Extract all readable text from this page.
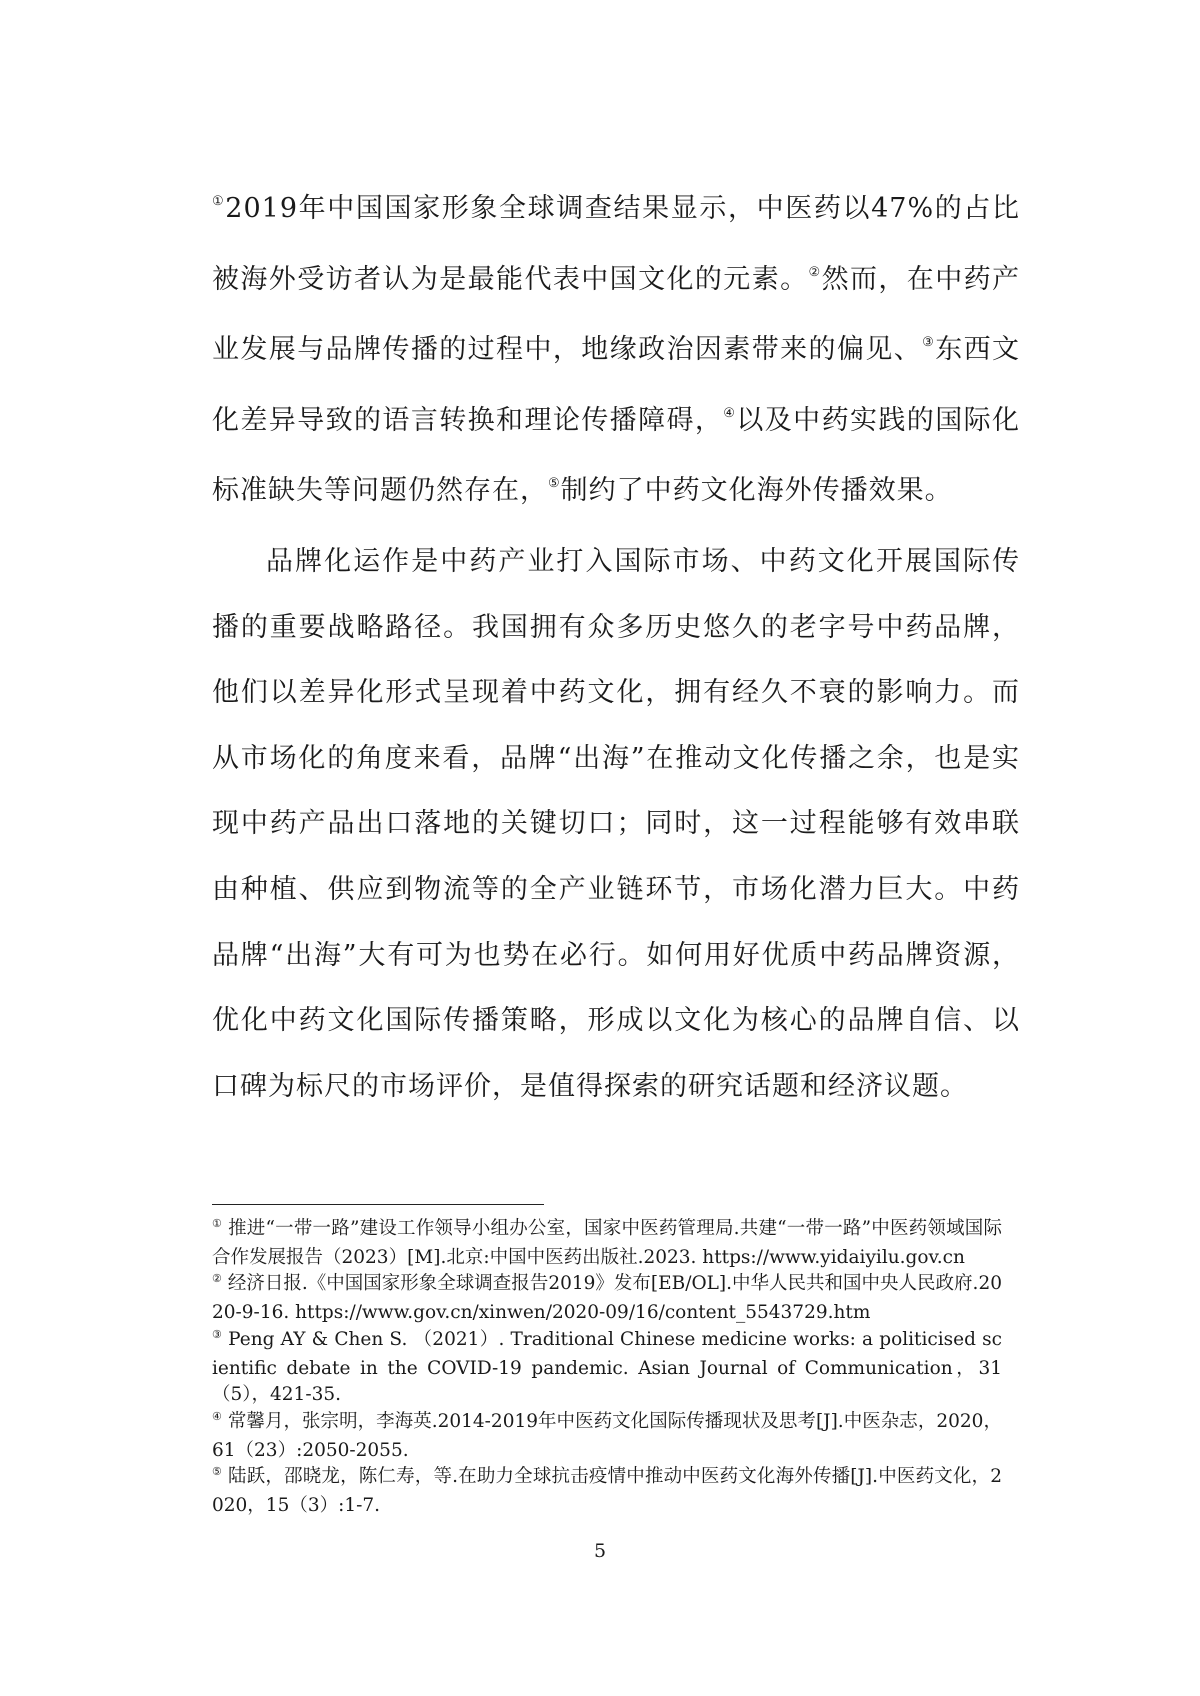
①2019年中国国家形象全球调查结果显示，中医药以47%的占比被海外受访者认为是最能代表中国文化的元素。②然而，在中药产业发展与品牌传播的过程中，地缘政治因素带来的偏见、③东西文化差异导致的语言转换和理论传播障碍，④以及中药实践的国际化标准缺失等问题仍然存在，⑤制约了中药文化海外传播效果。

品牌化运作是中药产业打入国际市场、中药文化开展国际传播的重要战略路径。我国拥有众多历史悠久的老字号中药品牌，他们以差异化形式呈现着中药文化，拥有经久不衰的影响力。而从市场化的角度来看，品牌“出海”在推动文化传播之余，也是实现中药产品出口落地的关键切口；同时，这一过程能够有效串联由种植、供应到物流等的全产业链环节，市场化潜力巨大。中药品牌“出海”大有可为也势在必行。如何用好优质中药品牌资源，优化中药文化国际传播策略，形成以文化为核心的品牌自信、以口碑为标尺的市场评价，是值得探索的研究话题和经济议题。

① 推进“一带一路”建设工作领导小组办公室，国家中医药管理局.共建“一带一路”中医药领域国际合作发展报告（2023）[M].北京:中国中医药出版社.2023. https://www.yidaiyilu.gov.cn

② 经济日报.《中国国家形象全球调查报告2019》发布[EB/OL].中华人民共和国中央人民政府.2020-9-16. https://www.gov.cn/xinwen/2020-09/16/content_5543729.htm

③ Peng AY & Chen S. （2021）. Traditional Chinese medicine works: a politicised scientific debate in the COVID-19 pandemic. Asian Journal of Communication，31（5），421-35.

④ 常馨月，张宗明，李海英.2014-2019年中医药文化国际传播现状及思考[J].中医杂志，2020，61（23）:2050-2055.

⑤ 陆跃，邵晓龙，陈仁寿，等.在助力全球抗击疫情中推动中医药文化海外传播[J].中医药文化，2020，15（3）:1-7.

5
